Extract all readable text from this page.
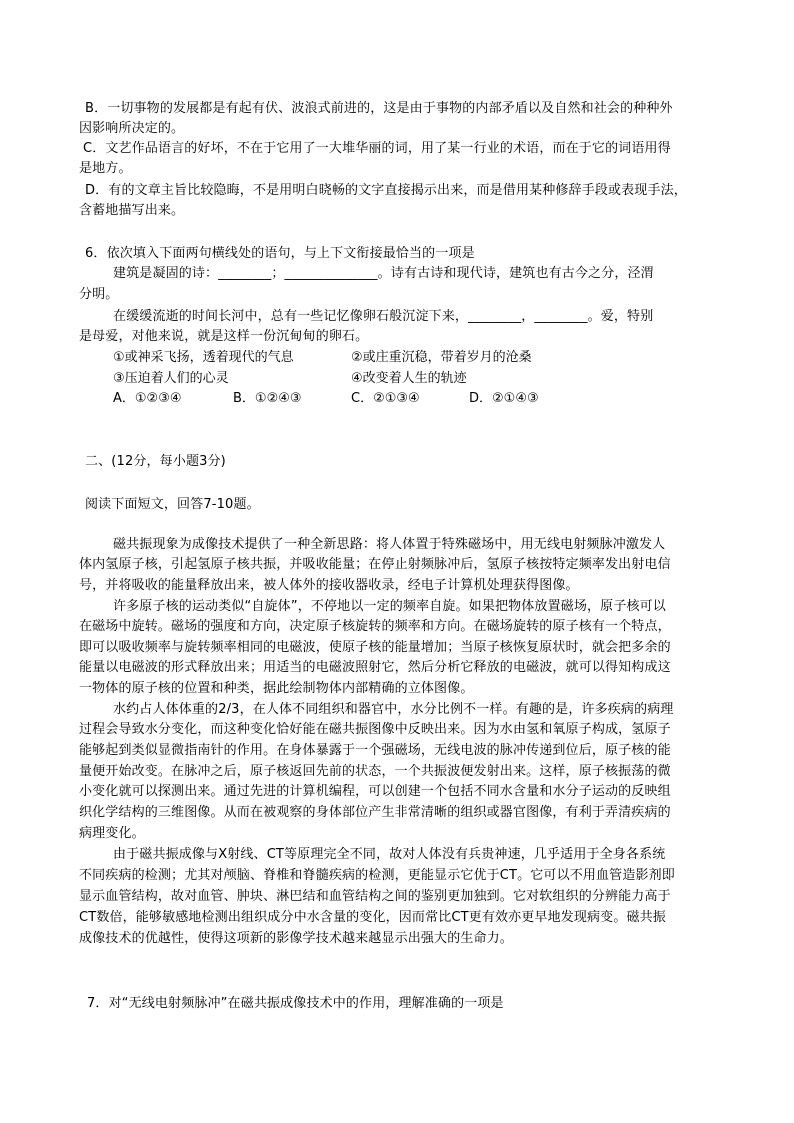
B．一切事物的发展都是有起有伏、波浪式前进的，这是由于事物的内部矛盾以及自然和社会的种种外
因影响所决定的。
C．文艺作品语言的好坏，不在于它用了一大堆华丽的词，用了某一行业的术语，而在于它的词语用得
是地方。
D．有的文章主旨比较隐晦，不是用明白晓畅的文字直接揭示出来，而是借用某种修辞手段或表现手法，
含蓄地描写出来。
6．依次填入下面两句横线处的语句，与上下文衔接最恰当的一项是
建筑是凝固的诗：________；______________。诗有古诗和现代诗，建筑也有古今之分，泾渭
分明。
在缓缓流逝的时间长河中，总有一些记忆像卵石般沉淀下来，________，________。爱，特别
是母爱，对他来说，就是这样一份沉甸甸的卵石。
①或神采飞扬，透着现代的气息	②或庄重沉稳，带着岁月的沧桑
③压迫着人们的心灵	④改变着人生的轨迹
A．①②③④	B．①②④③	C．②①③④	D．②①④③
二、(12分，每小题3分)
阅读下面短文，回答7-10题。
磁共振现象为成像技术提供了一种全新思路：将人体置于特殊磁场中，用无线电射频脉冲激发人
体内氢原子核，引起氢原子核共振，并吸收能量；在停止射频脉冲后，氢原子核按特定频率发出射电信
号，并将吸收的能量释放出来，被人体外的接收器收录，经电子计算机处理获得图像。
许多原子核的运动类似“自旋体”，不停地以一定的频率自旋。如果把物体放置磁场，原子核可以
在磁场中旋转。磁场的强度和方向，决定原子核旋转的频率和方向。在磁场旋转的原子核有一个特点，
即可以吸收频率与旋转频率相同的电磁波，使原子核的能量增加；当原子核恢复原状时，就会把多余的
能量以电磁波的形式释放出来；用适当的电磁波照射它，然后分析它释放的电磁波，就可以得知构成这
一物体的原子核的位置和种类，据此绘制物体内部精确的立体图像。
水约占人体体重的2/3，在人体不同组织和器官中，水分比例不一样。有趣的是，许多疾病的病理
过程会导致水分变化，而这种变化恰好能在磁共振图像中反映出来。因为水由氢和氧原子构成，氢原子
能够起到类似显微指南针的作用。在身体暴露于一个强磁场，无线电波的脉冲传递到位后，原子核的能
量便开始改变。在脉冲之后，原子核返回先前的状态，一个共振波便发射出来。这样，原子核振荡的微
小变化就可以探测出来。通过先进的计算机编程，可以创建一个包括不同水含量和水分子运动的反映组
织化学结构的三维图像。从而在被观察的身体部位产生非常清晰的组织或器官图像，有利于弄清疾病的
病理变化。
由于磁共振成像与X射线、CT等原理完全不同，故对人体没有兵贵神速，几乎适用于全身各系统
不同疾病的检测；尤其对颅脑、脊椎和脊髓疾病的检测，更能显示它优于CT。它可以不用血管造影剂即
显示血管结构，故对血管、肿块、淋巴结和血管结构之间的鉴别更加独到。它对软组织的分辨能力高于
CT数倍，能够敏感地检测出组织成分中水含量的变化，因而常比CT更有效亦更早地发现病变。磁共振
成像技术的优越性，使得这项新的影像学技术越来越显示出强大的生命力。
7．对“无线电射频脉冲”在磁共振成像技术中的作用，理解准确的一项是
